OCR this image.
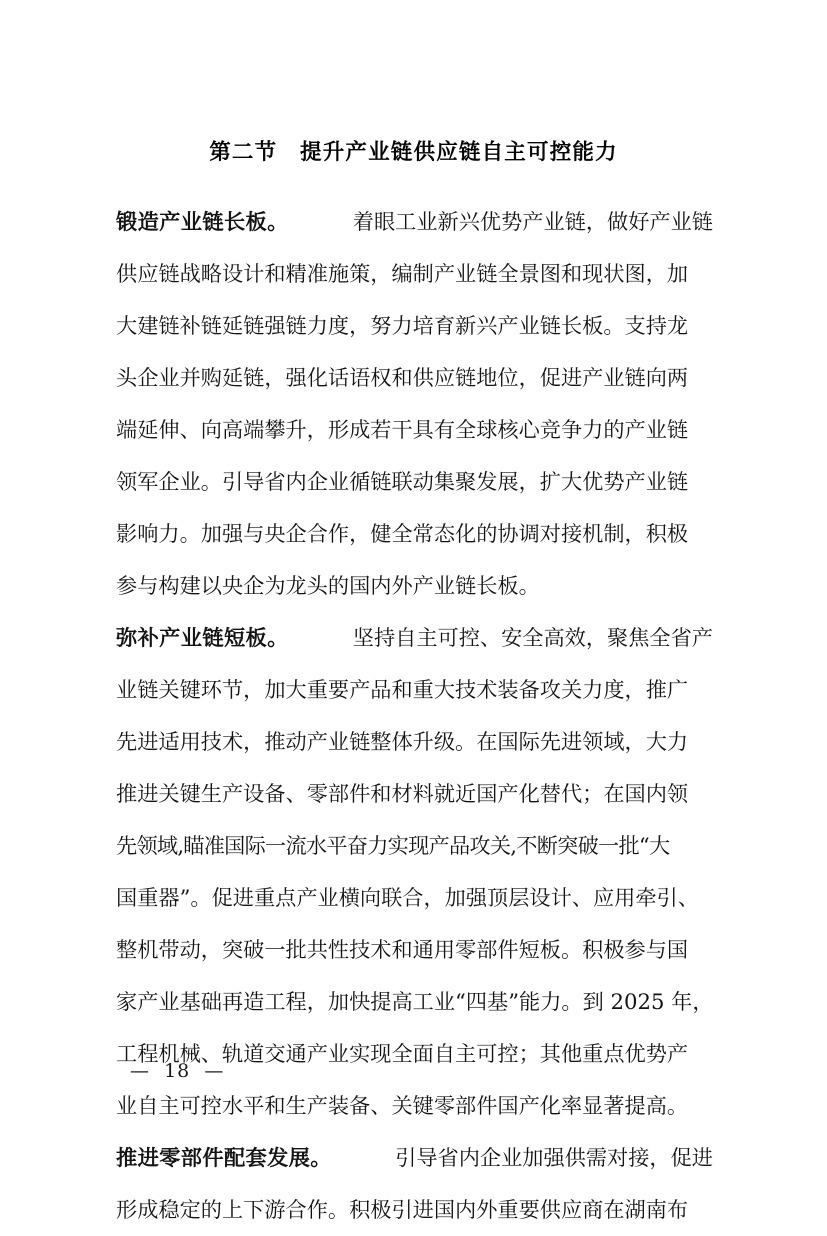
第二节　提升产业链供应链自主可控能力
锻造产业链长板。	着眼工业新兴优势产业链，做好产业链
供应链战略设计和精准施策，编制产业链全景图和现状图，加
大建链补链延链强链力度，努力培育新兴产业链长板。支持龙
头企业并购延链，强化话语权和供应链地位，促进产业链向两
端延伸、向高端攀升，形成若干具有全球核心竞争力的产业链
领军企业。引导省内企业循链联动集聚发展，扩大优势产业链
影响力。加强与央企合作，健全常态化的协调对接机制，积极
参与构建以央企为龙头的国内外产业链长板。
弥补产业链短板。	坚持自主可控、安全高效，聚焦全省产
业链关键环节，加大重要产品和重大技术装备攻关力度，推广
先进适用技术，推动产业链整体升级。在国际先进领域，大力
推进关键生产设备、零部件和材料就近国产化替代；在国内领
先领域,瞄准国际一流水平奋力实现产品攻关,不断突破一批“大
国重器”。促进重点产业横向联合，加强顶层设计、应用牵引、
整机带动，突破一批共性技术和通用零部件短板。积极参与国
家产业基础再造工程，加快提高工业“四基”能力。到 2025 年，
工程机械、轨道交通产业实现全面自主可控；其他重点优势产
业自主可控水平和生产装备、关键零部件国产化率显著提高。
推进零部件配套发展。	引导省内企业加强供需对接，促进
形成稳定的上下游合作。积极引进国内外重要供应商在湖南布
—  18  —
